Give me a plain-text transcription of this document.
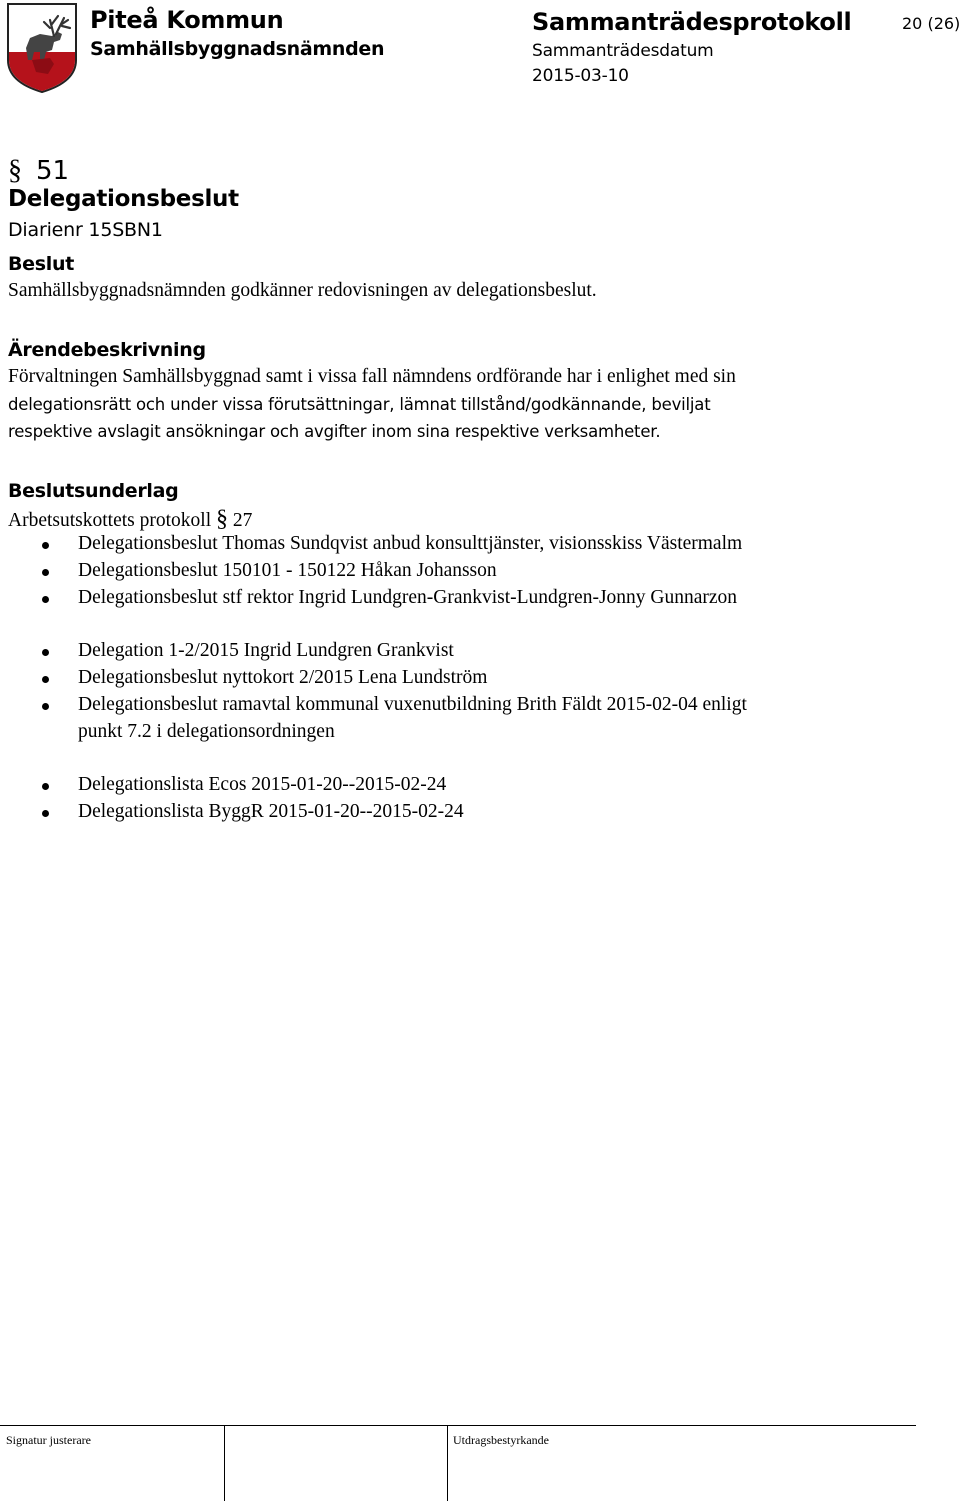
Piteå Kommun
Samhällsbyggnadsnämnden
Sammanträdesprotokoll
Sammanträdesdatum
2015-03-10
20 (26)
§ 51
Delegationsbeslut
Diarienr 15SBN1
Beslut
Samhällsbyggnadsnämnden godkänner redovisningen av delegationsbeslut.
Ärendebeskrivning
Förvaltningen Samhällsbyggnad samt i vissa fall nämndens ordförande har i enlighet med sin
delegationsrätt och under vissa förutsättningar, lämnat tillstånd/godkännande, beviljat
respektive avslagit ansökningar och avgifter inom sina respektive verksamheter.
Beslutsunderlag
Arbetsutskottets protokoll § 27
Delegationsbeslut Thomas Sundqvist anbud konsulttjänster, visionsskiss Västermalm
Delegationsbeslut 150101 - 150122 Håkan Johansson
Delegationsbeslut stf rektor Ingrid Lundgren-Grankvist-Lundgren-Jonny Gunnarzon
Delegation 1-2/2015 Ingrid Lundgren Grankvist
Delegationsbeslut nyttokort 2/2015 Lena Lundström
Delegationsbeslut ramavtal kommunal vuxenutbildning Brith Fäldt 2015-02-04 enligt
punkt 7.2 i delegationsordningen
Delegationslista Ecos 2015-01-20--2015-02-24
Delegationslista ByggR 2015-01-20--2015-02-24
Signatur justerare	Utdragsbestyrkande
